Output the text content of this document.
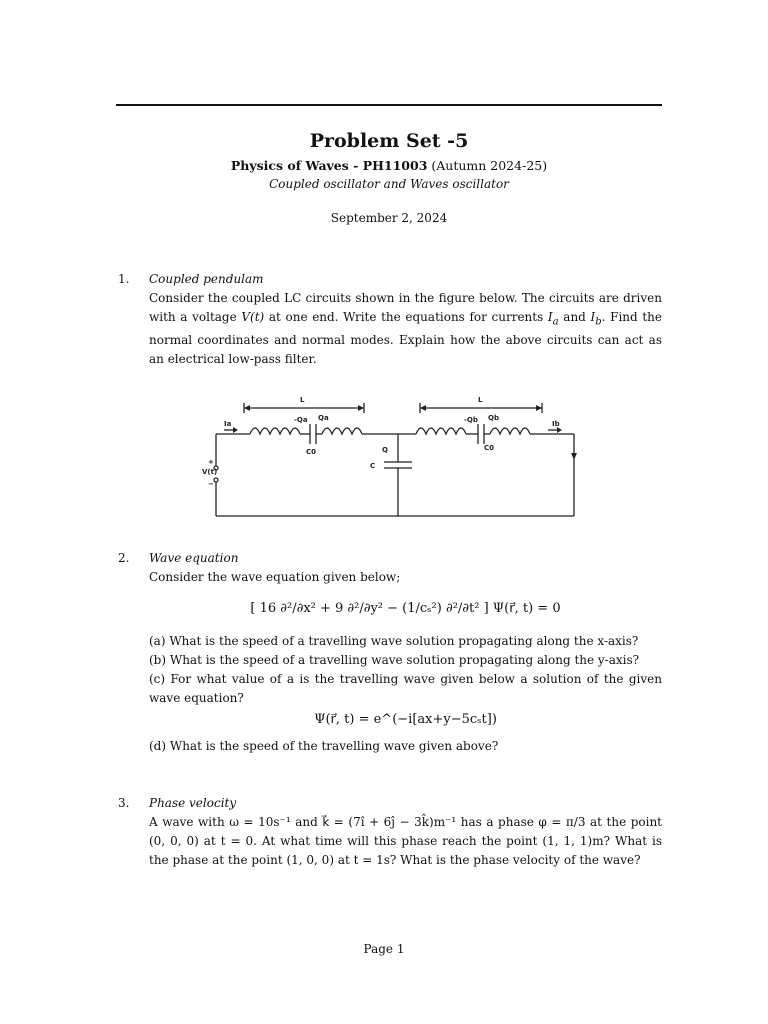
Problem Set -5
Physics of Waves - PH11003 (Autumn 2024-25)
Coupled oscillator and Waves oscillator
September 2, 2024
1. Coupled pendulam
Consider the coupled LC circuits shown in the figure below. The circuits are driven with a voltage V(t) at one end. Write the equations for currents $I_a$ and $I_b$. Find the normal coordinates and normal modes. Explain how the above circuits can act as an electrical low-pass filter.
L	L
Ia	Ib
-Qa Qa	-Qb Qb
C0	C0
Q
C
V(t)
+
−
2. Wave equation
Consider the wave equation given below;
[ 16 ∂²/∂x² + 9 ∂²/∂y² − (1/cₛ²) ∂²/∂t² ] Ψ(r⃗, t) = 0
(a) What is the speed of a travelling wave solution propagating along the x-axis?
(b) What is the speed of a travelling wave solution propagating along the y-axis?
(c) For what value of a is the travelling wave given below a solution of the given wave equation?
Ψ(r⃗, t) = e^(−i[ax+y−5cₛt])
(d) What is the speed of the travelling wave given above?
3. Phase velocity
A wave with ω = 10s⁻¹ and k⃗ = (7î + 6ĵ − 3k̂)m⁻¹ has a phase φ = π/3 at the point (0, 0, 0) at t = 0. At what time will this phase reach the point (1, 1, 1)m? What is the phase at the point (1, 0, 0) at t = 1s? What is the phase velocity of the wave?
Page 1
